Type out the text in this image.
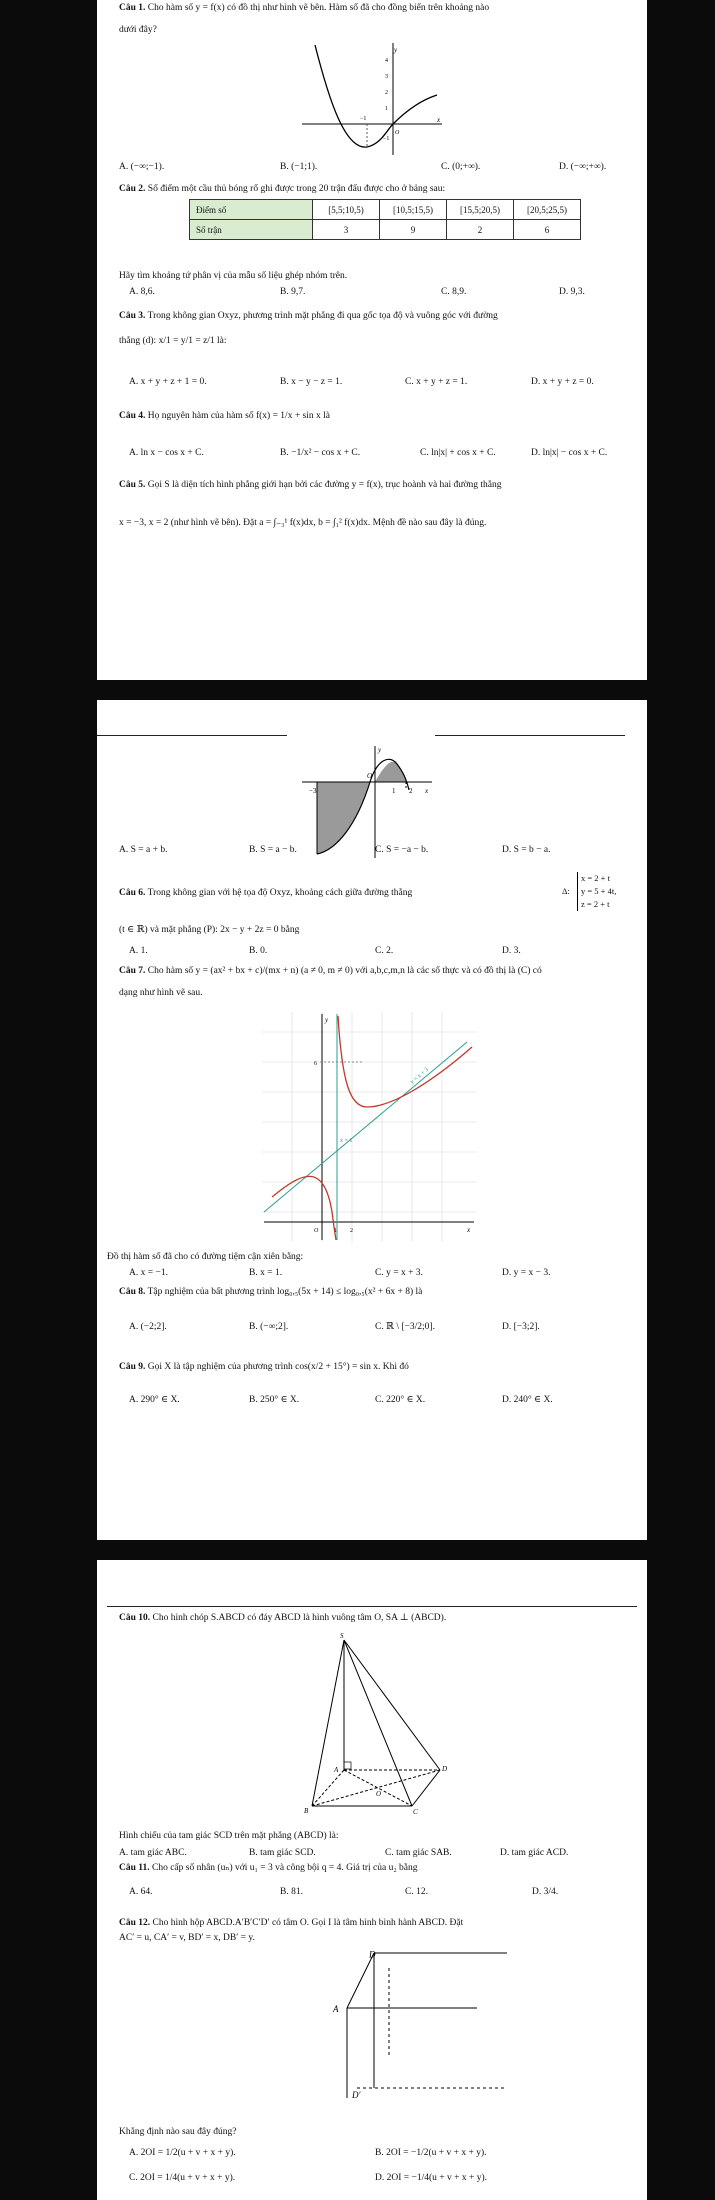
Câu 1. Cho hàm số y = f(x) có đồ thị như hình vẽ bên. Hàm số đã cho đồng biến trên khoảng nào
dưới đây?
y
x
−1
4
3
2
1
O
−1
A. (−∞;−1).	B. (−1;1).	C. (0;+∞).	D. (−∞;+∞).
Câu 2. Số điểm một cầu thủ bóng rổ ghi được trong 20 trận đấu được cho ở bảng sau:
Điểm số	[5,5;10,5)	[10,5;15,5)	[15,5;20,5)	[20,5;25,5)
Số trận	3	9	2	6
Hãy tìm khoảng tứ phân vị của mẫu số liệu ghép nhóm trên.
A. 8,6.	B. 9,7.	C. 8,9.	D. 9,3.
Câu 3. Trong không gian Oxyz, phương trình mặt phẳng đi qua gốc tọa độ và vuông góc với đường
thẳng (d): x/1 = y/1 = z/1 là:
A. x + y + z + 1 = 0.	B. x − y − z = 1.	C. x + y + z = 1.	D. x + y + z = 0.
Câu 4. Họ nguyên hàm của hàm số f(x) = 1/x + sin x là
A. ln x − cos x + C.	B. −1/x² − cos x + C.	C. ln|x| + cos x + C.	D. ln|x| − cos x + C.
Câu 5. Gọi S là diện tích hình phẳng giới hạn bởi các đường y = f(x), trục hoành và hai đường thẳng
x = −3, x = 2 (như hình vẽ bên). Đặt a = ∫₋₃¹ f(x)dx, b = ∫₁² f(x)dx. Mệnh đề nào sau đây là đúng.
−3
O
1 2 x
y
A. S = a + b.	B. S = a − b.	C. S = −a − b.	D. S = b − a.
Câu 6. Trong không gian với hệ tọa độ Oxyz, khoảng cách giữa đường thẳng	Δ:
x = 2 + t
y = 5 + 4t,
z = 2 + t
(t ∈ ℝ) và mặt phẳng (P): 2x − y + 2z = 0 bằng
A. 1.	B. 0.	C. 2.	D. 3.
Câu 7. Cho hàm số y = (ax² + bx + c)/(mx + n) (a ≠ 0, m ≠ 0) với a,b,c,m,n là các số thực và có đồ thị là (C) có
dạng như hình vẽ sau.
y
x
6
O	1 2
y = x + 3
x = 1
Đồ thị hàm số đã cho có đường tiệm cận xiên bằng:
A. x = −1.	B. x = 1.	C. y = x + 3.	D. y = x − 3.
Câu 8. Tập nghiệm của bất phương trình log₀,₅(5x + 14) ≤ log₀,₅(x² + 6x + 8) là
A. (−2;2].	B. (−∞;2].	C. ℝ \ [−3/2;0].	D. [−3;2].
Câu 9. Gọi X là tập nghiệm của phương trình cos(x/2 + 15°) = sin x. Khi đó
A. 290° ∈ X.	B. 250° ∈ X.	C. 220° ∈ X.	D. 240° ∈ X.
Câu 10. Cho hình chóp S.ABCD có đáy ABCD là hình vuông tâm O, SA ⊥ (ABCD).
S
A
B	C
D
O
Hình chiếu của tam giác SCD trên mặt phẳng (ABCD) là:
A. tam giác ABC.	B. tam giác SCD.	C. tam giác SAB.	D. tam giác ACD.
Câu 11. Cho cấp số nhân (uₙ) với u₁ = 3 và công bội q = 4. Giá trị của u₂ bằng
A. 64.	B. 81.	C. 12.	D. 3/4.
Câu 12. Cho hình hộp ABCD.A′B′C′D′ có tâm O. Gọi I là tâm hình bình hành ABCD. Đặt
AC′ = u, CA′ = v, BD′ = x, DB′ = y.
D
A
D′
Khẳng định nào sau đây đúng?
A. 2OI = 1/2(u + v + x + y).	B. 2OI = −1/2(u + v + x + y).
C. 2OI = 1/4(u + v + x + y).	D. 2OI = −1/4(u + v + x + y).
